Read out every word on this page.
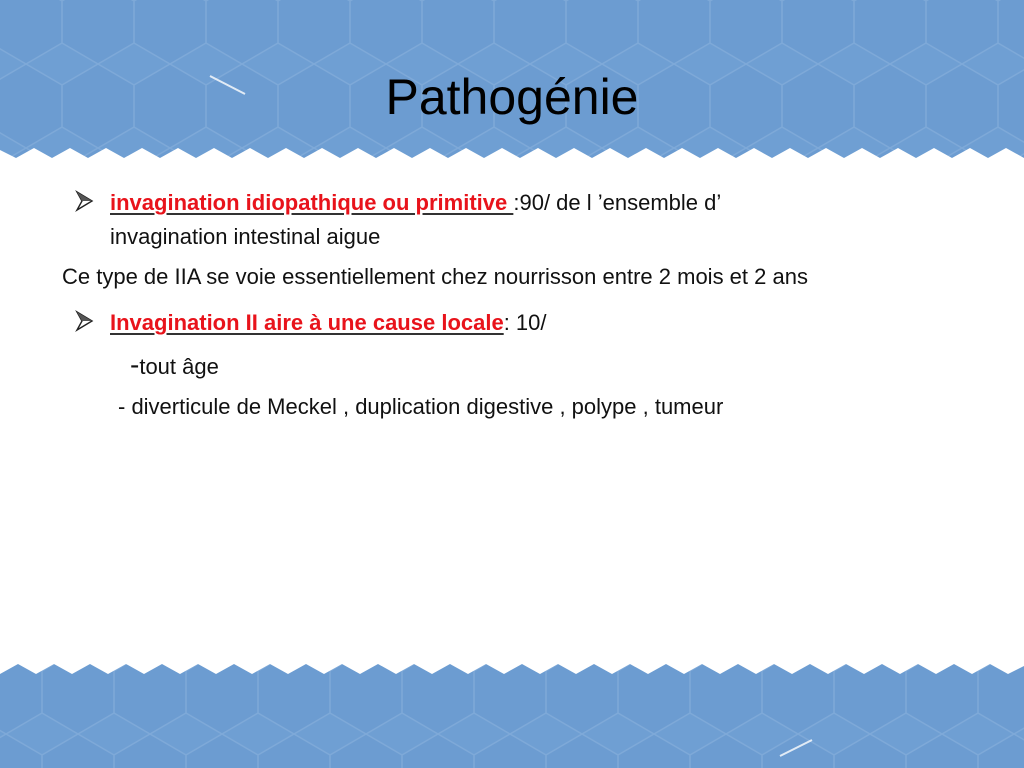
Pathogénie
invagination idiopathique ou primitive :90/ de l ’ensemble d’
invagination intestinal aigue
Ce type de IIA se voie essentiellement chez nourrisson entre 2 mois et 2 ans
Invagination II aire à une cause locale: 10/
-tout âge
- diverticule de Meckel , duplication digestive , polype , tumeur
